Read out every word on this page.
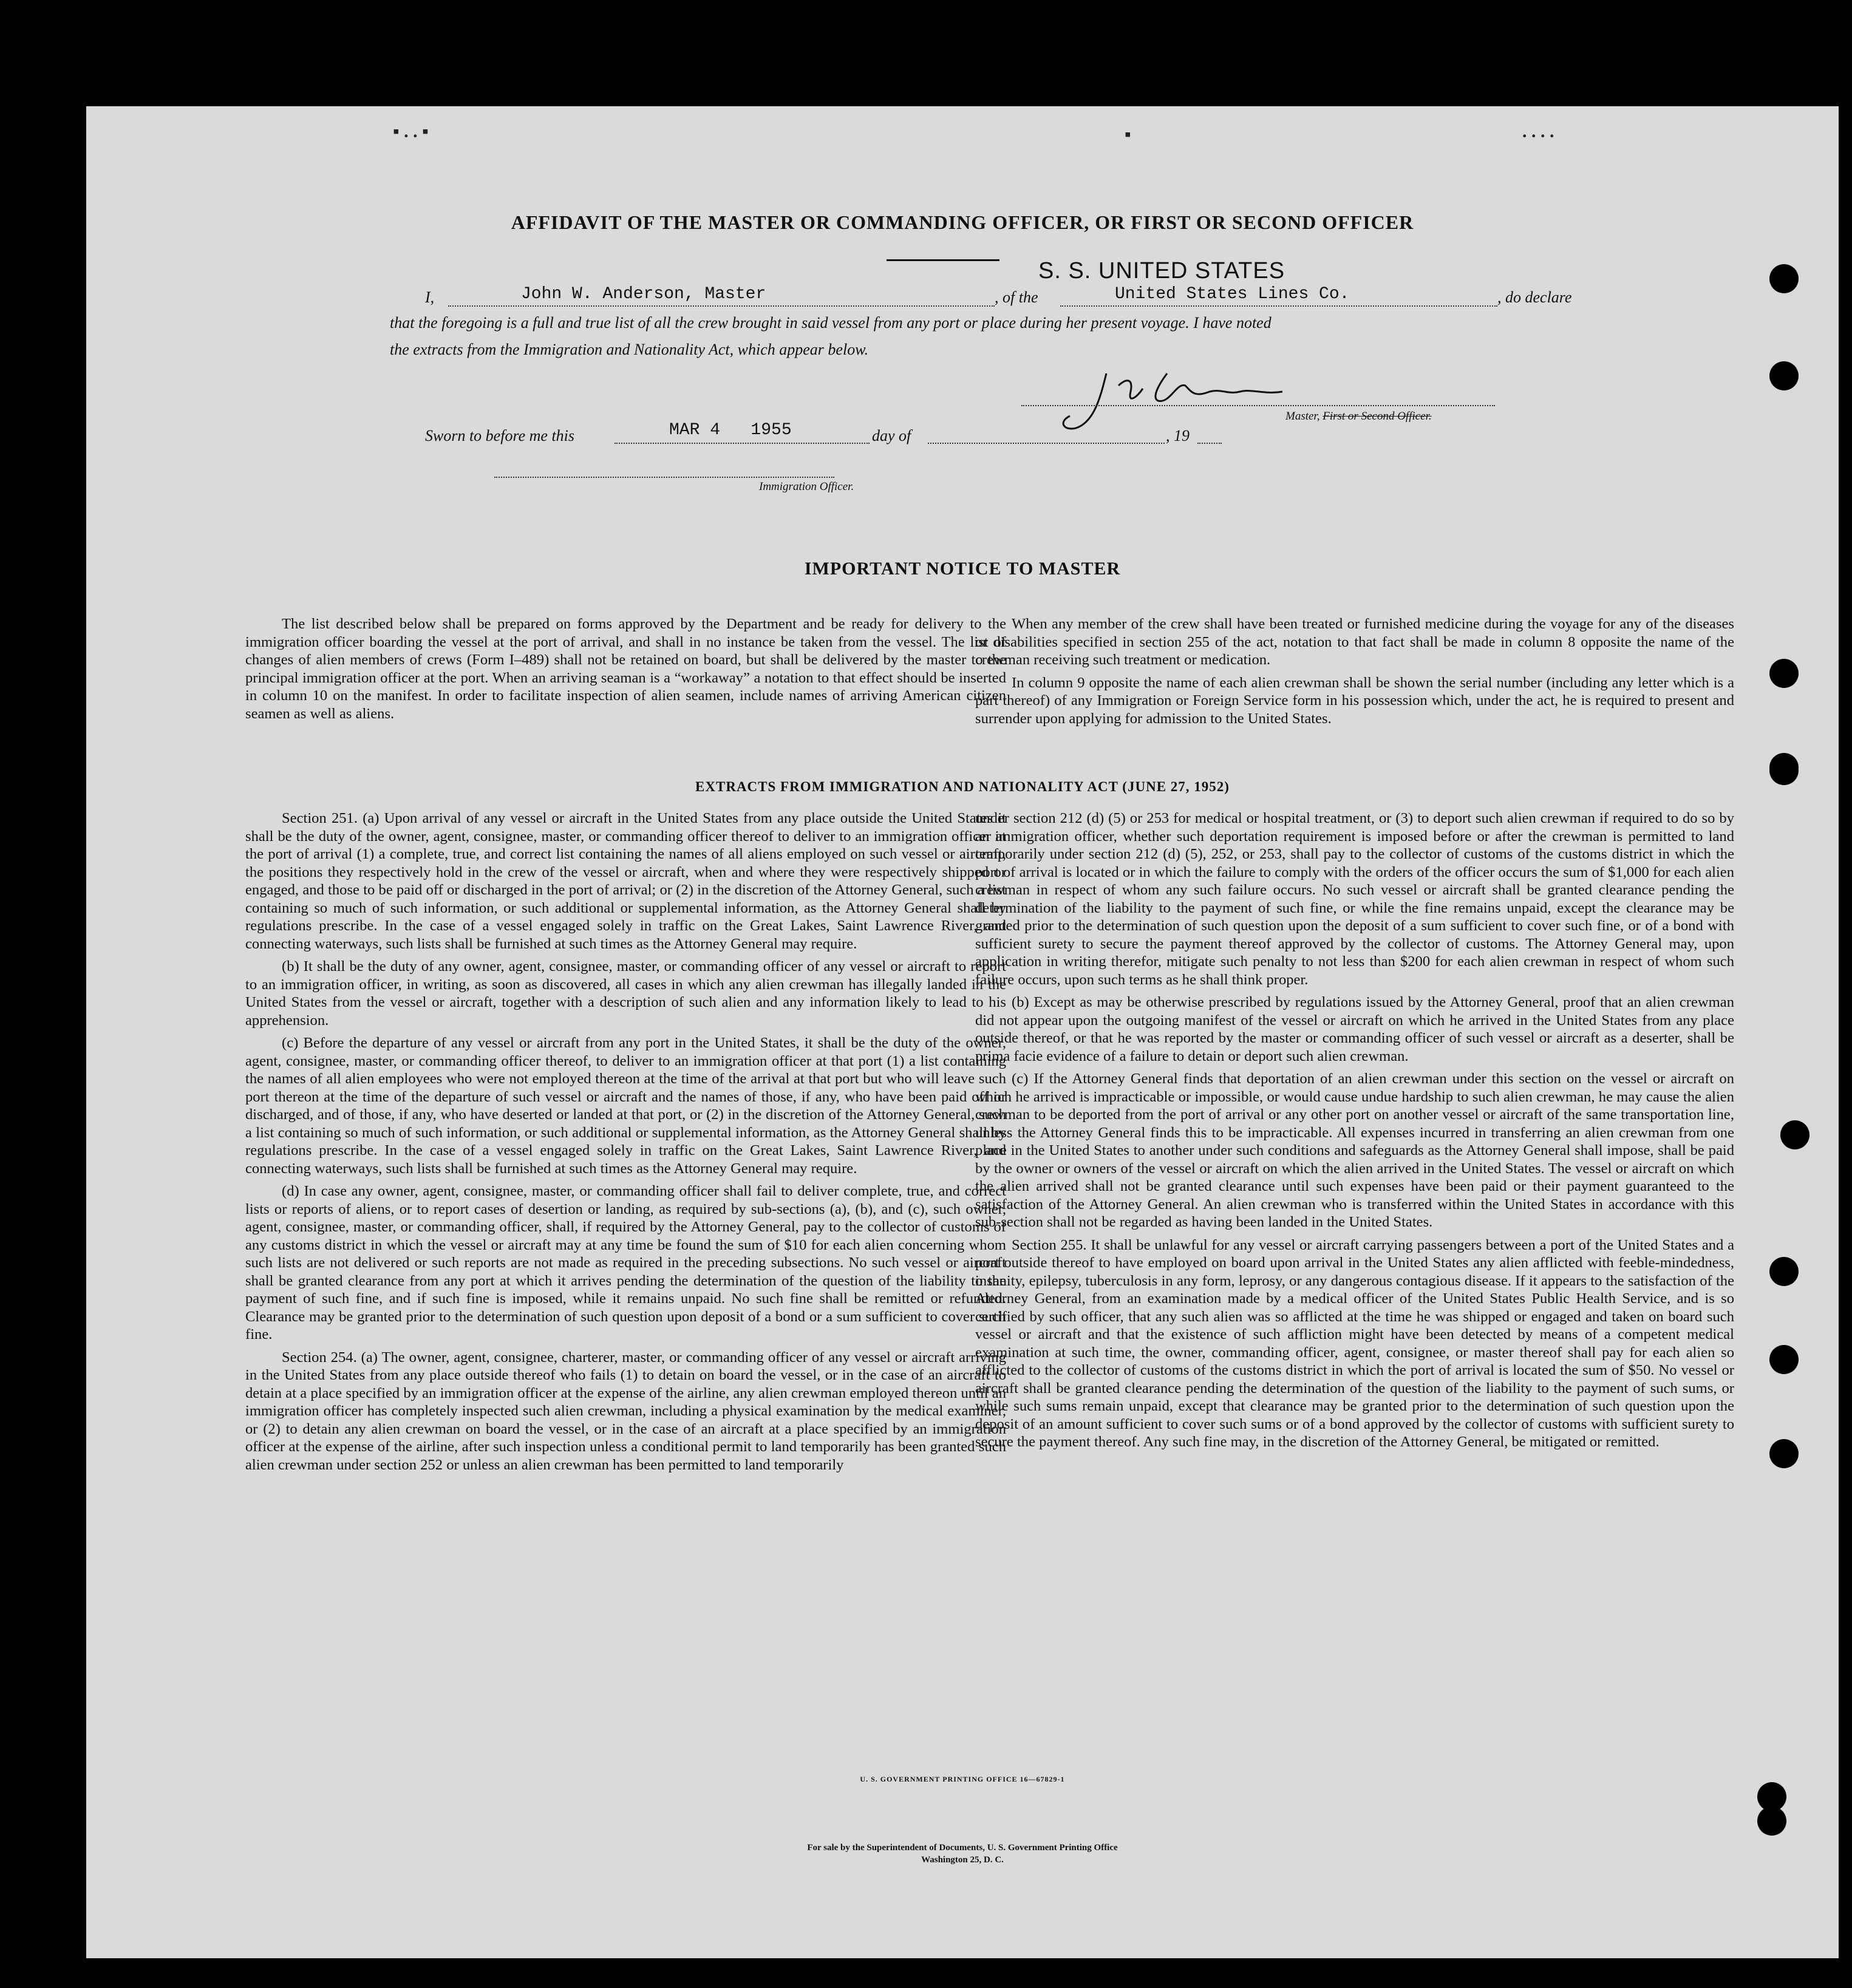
▪ . . ▪	▪	. . . .
AFFIDAVIT OF THE MASTER OR COMMANDING OFFICER, OR FIRST OR SECOND OFFICER
S. S. UNITED STATES
I,	John W. Anderson, Master	, of the	United States Lines Co.	, do declare
that the foregoing is a full and true list of all the crew brought in said vessel from any port or place during her present voyage. I have noted
the extracts from the Immigration and Nationality Act, which appear below.
Master, First or Second Officer.
Sworn to before me this	MAR 4   1955	day of	, 19
Immigration Officer.
IMPORTANT NOTICE TO MASTER

The list described below shall be prepared on forms approved by the Department and be ready for delivery to the immigration officer boarding the vessel at the port of arrival, and shall in no instance be taken from the vessel. The list of changes of alien members of crews (Form I–489) shall not be retained on board, but shall be delivered by the master to the principal immigration officer at the port. When an arriving seaman is a “workaway” a notation to that effect should be inserted in column 10 on the manifest. In order to facilitate inspection of alien seamen, include names of arriving American citizen seamen as well as aliens.

When any member of the crew shall have been treated or furnished medicine during the voyage for any of the diseases or disabilities specified in section 255 of the act, notation to that fact shall be made in column 8 opposite the name of the crewman receiving such treatment or medication.

In column 9 opposite the name of each alien crewman shall be shown the serial number (including any letter which is a part thereof) of any Immigration or Foreign Service form in his possession which, under the act, he is required to present and surrender upon applying for admission to the United States.

EXTRACTS FROM IMMIGRATION AND NATIONALITY ACT (JUNE 27, 1952)

Section 251. (a) Upon arrival of any vessel or aircraft in the United States from any place outside the United States it shall be the duty of the owner, agent, consignee, master, or commanding officer thereof to deliver to an immigration officer at the port of arrival (1) a complete, true, and correct list containing the names of all aliens employed on such vessel or aircraft, the positions they respectively hold in the crew of the vessel or aircraft, when and where they were respectively shipped or engaged, and those to be paid off or discharged in the port of arrival; or (2) in the discretion of the Attorney General, such a list containing so much of such information, or such additional or supplemental information, as the Attorney General shall by regulations prescribe. In the case of a vessel engaged solely in traffic on the Great Lakes, Saint Lawrence River, and connecting waterways, such lists shall be furnished at such times as the Attorney General may require.

(b) It shall be the duty of any owner, agent, consignee, master, or commanding officer of any vessel or aircraft to report to an immigration officer, in writing, as soon as discovered, all cases in which any alien crewman has illegally landed in the United States from the vessel or aircraft, together with a description of such alien and any information likely to lead to his apprehension.

(c) Before the departure of any vessel or aircraft from any port in the United States, it shall be the duty of the owner, agent, consignee, master, or commanding officer thereof, to deliver to an immigration officer at that port (1) a list containing the names of all alien employees who were not employed thereon at the time of the arrival at that port but who will leave such port thereon at the time of the departure of such vessel or aircraft and the names of those, if any, who have been paid off or discharged, and of those, if any, who have deserted or landed at that port, or (2) in the discretion of the Attorney General, such a list containing so much of such information, or such additional or supplemental information, as the Attorney General shall by regulations prescribe. In the case of a vessel engaged solely in traffic on the Great Lakes, Saint Lawrence River, and connecting waterways, such lists shall be furnished at such times as the Attorney General may require.

(d) In case any owner, agent, consignee, master, or commanding officer shall fail to deliver complete, true, and correct lists or reports of aliens, or to report cases of desertion or landing, as required by sub-sections (a), (b), and (c), such owner, agent, consignee, master, or commanding officer, shall, if required by the Attorney General, pay to the collector of customs of any customs district in which the vessel or aircraft may at any time be found the sum of $10 for each alien concerning whom such lists are not delivered or such reports are not made as required in the preceding subsections. No such vessel or aircraft shall be granted clearance from any port at which it arrives pending the determination of the question of the liability to the payment of such fine, and if such fine is imposed, while it remains unpaid. No such fine shall be remitted or refunded. Clearance may be granted prior to the determination of such question upon deposit of a bond or a sum sufficient to cover such fine.

Section 254. (a) The owner, agent, consignee, charterer, master, or commanding officer of any vessel or aircraft arriving in the United States from any place outside thereof who fails (1) to detain on board the vessel, or in the case of an aircraft to detain at a place specified by an immigration officer at the expense of the airline, any alien crewman employed thereon until an immigration officer has completely inspected such alien crewman, including a physical examination by the medical examiner, or (2) to detain any alien crewman on board the vessel, or in the case of an aircraft at a place specified by an immigration officer at the expense of the airline, after such inspection unless a conditional permit to land temporarily has been granted such alien crewman under section 252 or unless an alien crewman has been permitted to land temporarily

under section 212 (d) (5) or 253 for medical or hospital treatment, or (3) to deport such alien crewman if required to do so by an immigration officer, whether such deportation requirement is imposed before or after the crewman is permitted to land temporarily under section 212 (d) (5), 252, or 253, shall pay to the collector of customs of the customs district in which the port of arrival is located or in which the failure to comply with the orders of the officer occurs the sum of $1,000 for each alien crewman in respect of whom any such failure occurs. No such vessel or aircraft shall be granted clearance pending the determination of the liability to the payment of such fine, or while the fine remains unpaid, except the clearance may be granted prior to the determination of such question upon the deposit of a sum sufficient to cover such fine, or of a bond with sufficient surety to secure the payment thereof approved by the collector of customs. The Attorney General may, upon application in writing therefor, mitigate such penalty to not less than $200 for each alien crewman in respect of whom such failure occurs, upon such terms as he shall think proper.

(b) Except as may be otherwise prescribed by regulations issued by the Attorney General, proof that an alien crewman did not appear upon the outgoing manifest of the vessel or aircraft on which he arrived in the United States from any place outside thereof, or that he was reported by the master or commanding officer of such vessel or aircraft as a deserter, shall be prima facie evidence of a failure to detain or deport such alien crewman.

(c) If the Attorney General finds that deportation of an alien crewman under this section on the vessel or aircraft on which he arrived is impracticable or impossible, or would cause undue hardship to such alien crewman, he may cause the alien crewman to be deported from the port of arrival or any other port on another vessel or aircraft of the same transportation line, unless the Attorney General finds this to be impracticable. All expenses incurred in transferring an alien crewman from one place in the United States to another under such conditions and safeguards as the Attorney General shall impose, shall be paid by the owner or owners of the vessel or aircraft on which the alien arrived in the United States. The vessel or aircraft on which the alien arrived shall not be granted clearance until such expenses have been paid or their payment guaranteed to the satisfaction of the Attorney General. An alien crewman who is transferred within the United States in accordance with this sub-section shall not be regarded as having been landed in the United States.

Section 255. It shall be unlawful for any vessel or aircraft carrying passengers between a port of the United States and a port outside thereof to have employed on board upon arrival in the United States any alien afflicted with feeble-mindedness, insanity, epilepsy, tuberculosis in any form, leprosy, or any dangerous contagious disease. If it appears to the satisfaction of the Attorney General, from an examination made by a medical officer of the United States Public Health Service, and is so certified by such officer, that any such alien was so afflicted at the time he was shipped or engaged and taken on board such vessel or aircraft and that the existence of such affliction might have been detected by means of a competent medical examination at such time, the owner, commanding officer, agent, consignee, or master thereof shall pay for each alien so afflicted to the collector of customs of the customs district in which the port of arrival is located the sum of $50. No vessel or aircraft shall be granted clearance pending the determination of the question of the liability to the payment of such sums, or while such sums remain unpaid, except that clearance may be granted prior to the determination of such question upon the deposit of an amount sufficient to cover such sums or of a bond approved by the collector of customs with sufficient surety to secure the payment thereof. Any such fine may, in the discretion of the Attorney General, be mitigated or remitted.

U. S. GOVERNMENT PRINTING OFFICE 16—67829-1
For sale by the Superintendent of Documents, U. S. Government Printing Office
Washington 25, D. C.
